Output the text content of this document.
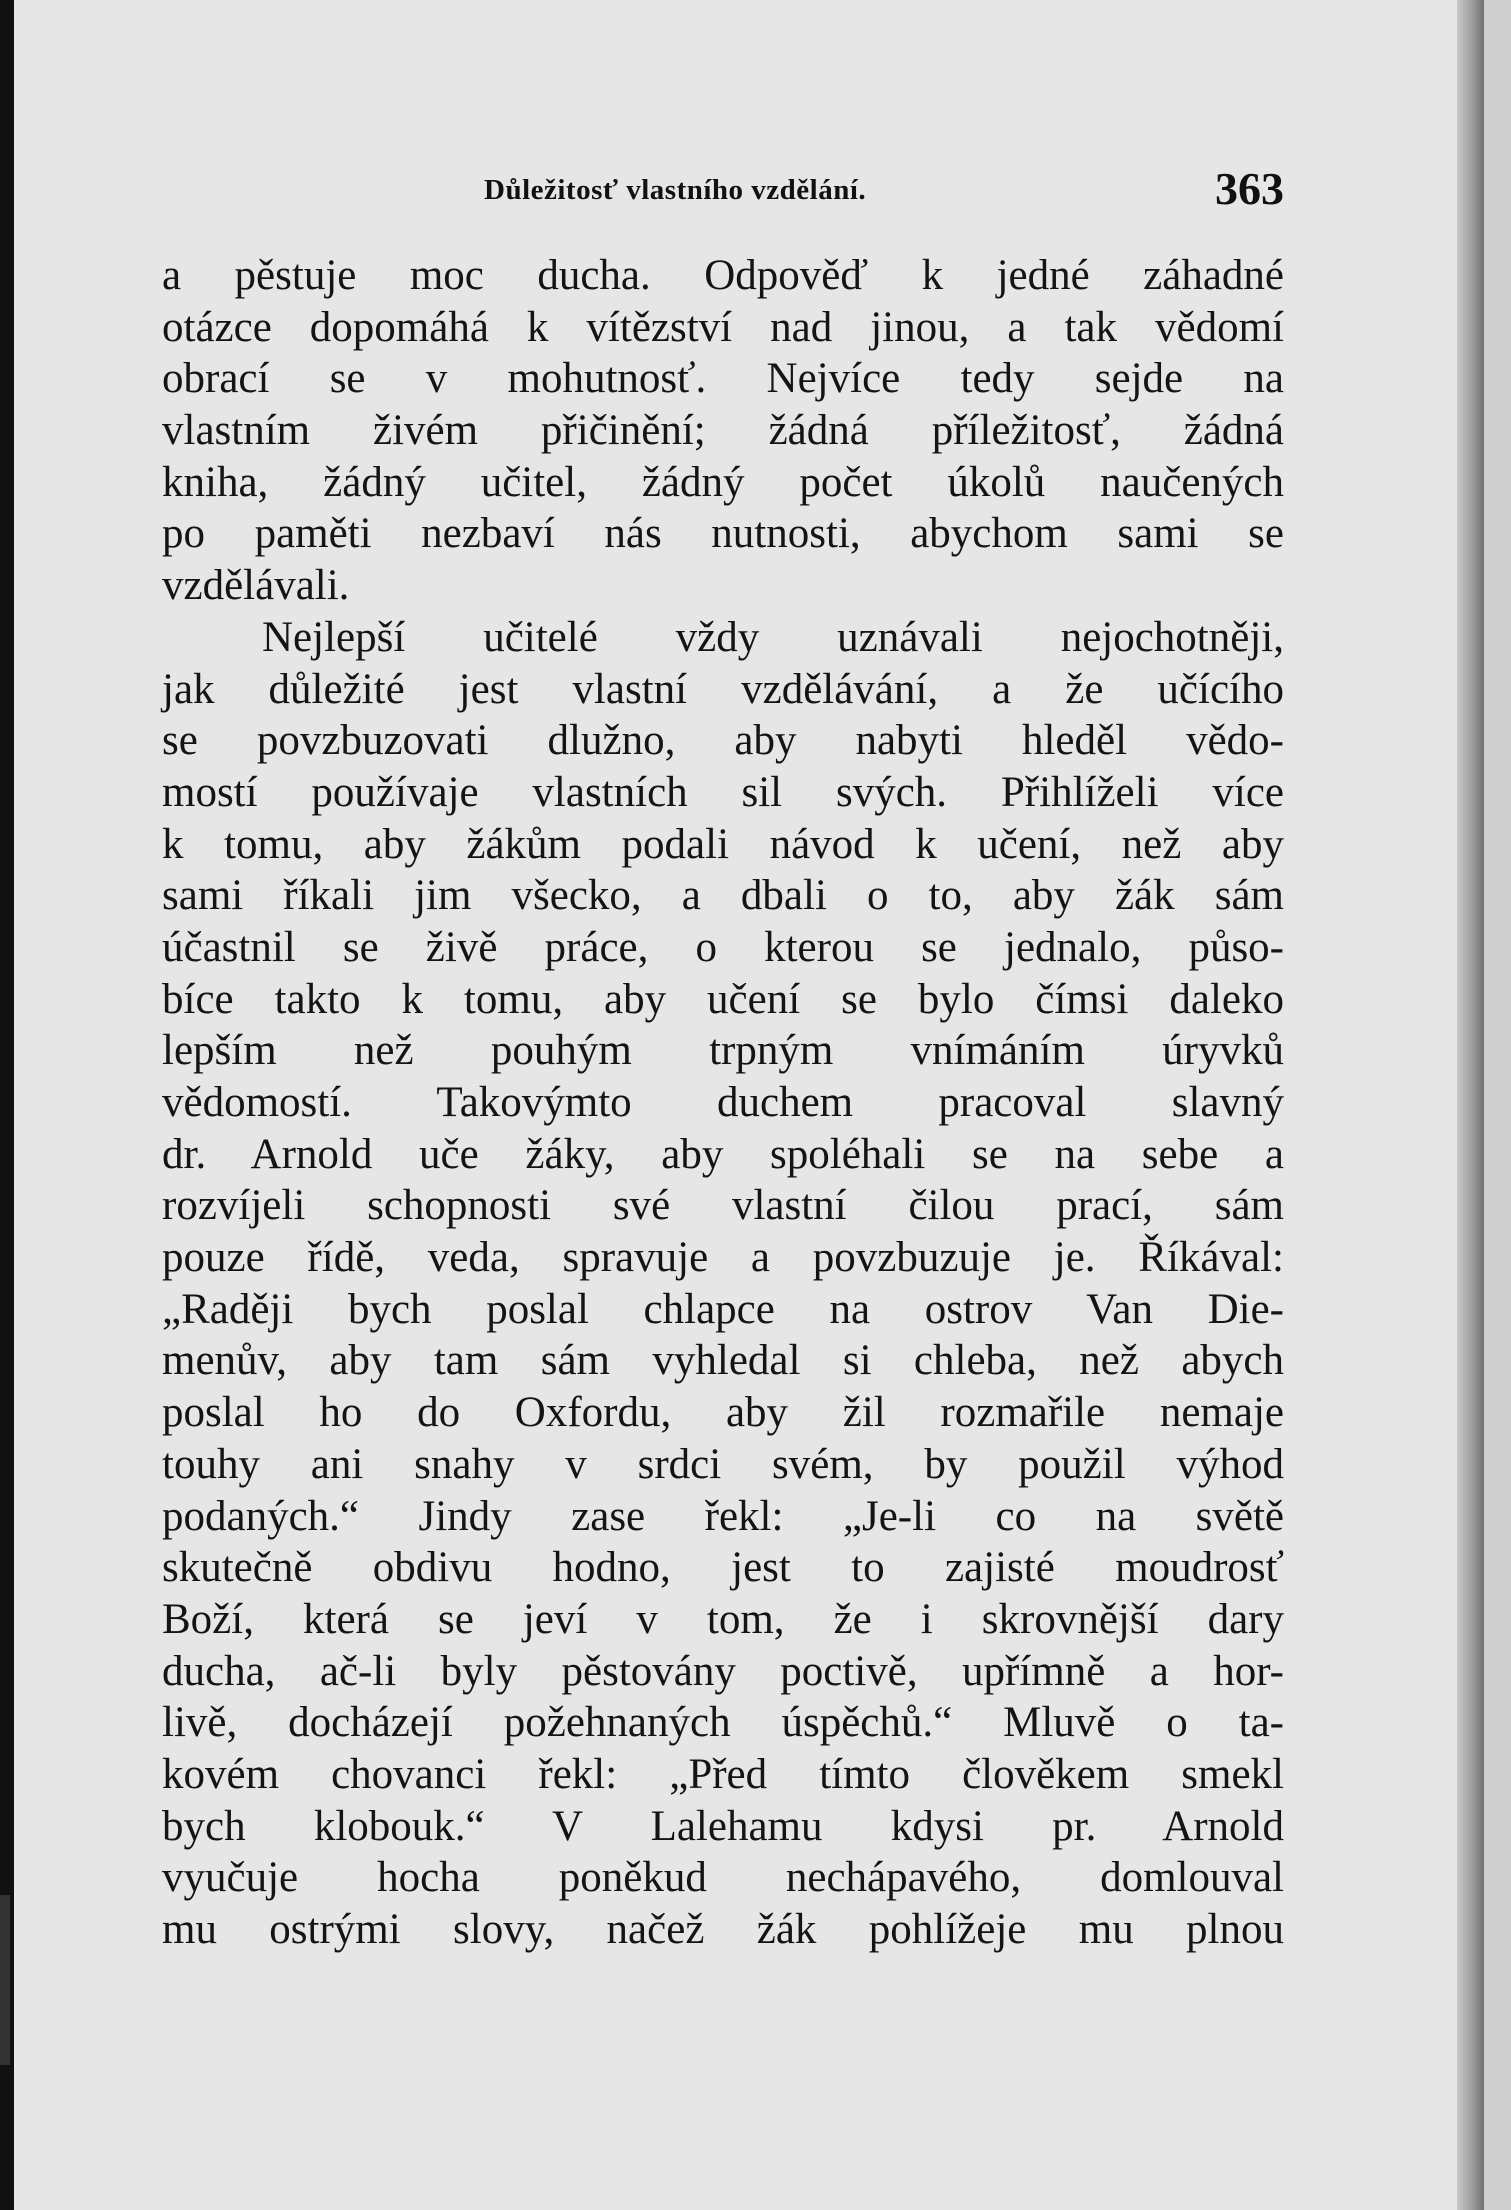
Důležitosť vlastního vzdělání.	363
a pěstuje moc ducha. Odpověď k jedné záhadné
otázce dopomáhá k vítězství nad jinou, a tak vědomí
obrací se v mohutnosť. Nejvíce tedy sejde na
vlastním živém přičinění; žádná příležitosť, žádná
kniha, žádný učitel, žádný počet úkolů naučených
po paměti nezbaví nás nutnosti, abychom sami se
vzdělávali.
Nejlepší učitelé vždy uznávali nejochotněji,
jak důležité jest vlastní vzdělávání, a že učícího
se povzbuzovati dlužno, aby nabyti hleděl vědo-
mostí používaje vlastních sil svých. Přihlíželi více
k tomu, aby žákům podali návod k učení, než aby
sami říkali jim všecko, a dbali o to, aby žák sám
účastnil se živě práce, o kterou se jednalo, půso-
bíce takto k tomu, aby učení se bylo čímsi daleko
lepším než pouhým trpným vnímáním úryvků
vědomostí. Takovýmto duchem pracoval slavný
dr. Arnold uče žáky, aby spoléhali se na sebe a
rozvíjeli schopnosti své vlastní čilou prací, sám
pouze řídě, veda, spravuje a povzbuzuje je. Říkával:
„Raději bych poslal chlapce na ostrov Van Die-
menův, aby tam sám vyhledal si chleba, než abych
poslal ho do Oxfordu, aby žil rozmařile nemaje
touhy ani snahy v srdci svém, by použil výhod
podaných.“ Jindy zase řekl: „Je-li co na světě
skutečně obdivu hodno, jest to zajisté moudrosť
Boží, která se jeví v tom, že i skrovnější dary
ducha, ač-li byly pěstovány poctivě, upřímně a hor-
livě, docházejí požehnaných úspěchů.“ Mluvě o ta-
kovém chovanci řekl: „Před tímto člověkem smekl
bych klobouk.“ V Lalehamu kdysi pr. Arnold
vyučuje hocha poněkud nechápavého, domlouval
mu ostrými slovy, načež žák pohlížeje mu plnou
